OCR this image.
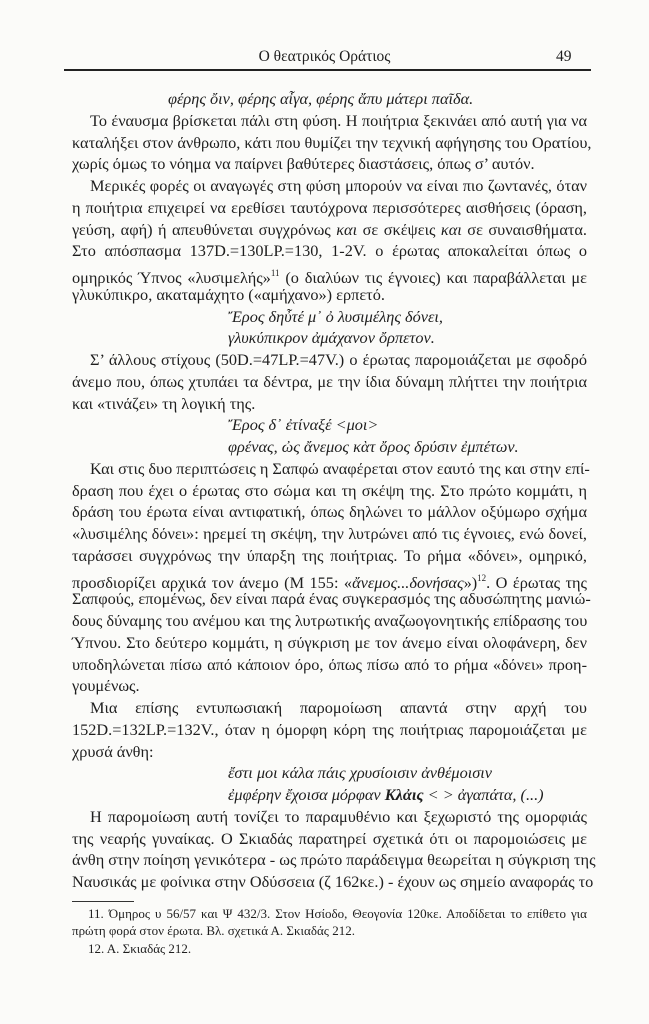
Ο θεατρικός Οράτιος	49
φέρης ὄιν, φέρης αἶγα, φέρης ἄπυ μάτερι παῖδα.
Το έναυσμα βρίσκεται πάλι στη φύση. Η ποιήτρια ξεκινάει από αυτή για να
καταλήξει στον άνθρωπο, κάτι που θυμίζει την τεχνική αφήγησης του Ορατίου,
χωρίς όμως το νόημα να παίρνει βαθύτερες διαστάσεις, όπως σ’ αυτόν.
Μερικές φορές οι αναγωγές στη φύση μπορούν να είναι πιο ζωντανές, όταν
η ποιήτρια επιχειρεί να ερεθίσει ταυτόχρονα περισσότερες αισθήσεις (όραση,
γεύση, αφή) ή απευθύνεται συγχρόνως και σε σκέψεις και σε συναισθήματα.
Στο απόσπασμα 137D.=130LP.=130, 1-2V. ο έρωτας αποκαλείται όπως ο
ομηρικός Ύπνος «λυσιμελής»$^{11}$ (ο διαλύων τις έγνοιες) και παραβάλλεται με
γλυκύπικρο, ακαταμάχητο («αμήχανο») ερπετό.
Ἔρος δηὖτέ μ᾿ ὀ λυσιμέλης δόνει,
γλυκύπικρον ἀμάχανον ὄρπετον.
Σ’ άλλους στίχους (50D.=47LP.=47V.) ο έρωτας παρομοιάζεται με σφοδρό
άνεμο που, όπως χτυπάει τα δέντρα, με την ίδια δύναμη πλήττει την ποιήτρια
και «τινάζει» τη λογική της.
Ἔρος δ᾿ ἐτίναξέ <μοι>
φρένας, ὠς ἄνεμος κὰτ ὄρος δρύσιν ἐμπέτων.
Και στις δυο περιπτώσεις η Σαπφώ αναφέρεται στον εαυτό της και στην επί-
δραση που έχει ο έρωτας στο σώμα και τη σκέψη της. Στο πρώτο κομμάτι, η
δράση του έρωτα είναι αντιφατική, όπως δηλώνει το μάλλον οξύμωρο σχήμα
«λυσιμέλης δόνει»: ηρεμεί τη σκέψη, την λυτρώνει από τις έγνοιες, ενώ δονεί,
ταράσσει συγχρόνως την ύπαρξη της ποιήτριας. Το ρήμα «δόνει», ομηρικό,
προσδιορίζει αρχικά τον άνεμο (Μ 155: «ἄνεμος...δονήσας»)$^{12}$. Ο έρωτας της
Σαπφούς, επομένως, δεν είναι παρά ένας συγκερασμός της αδυσώπητης μανιώ-
δους δύναμης του ανέμου και της λυτρωτικής αναζωογονητικής επίδρασης του
Ύπνου. Στο δεύτερο κομμάτι, η σύγκριση με τον άνεμο είναι ολοφάνερη, δεν
υποδηλώνεται πίσω από κάποιον όρο, όπως πίσω από το ρήμα «δόνει» προη-
γουμένως.
Μια επίσης εντυπωσιακή παρομοίωση απαντά στην αρχή του
152D.=132LP.=132V., όταν η όμορφη κόρη της ποιήτριας παρομοιάζεται με
χρυσά άνθη:
ἔστι μοι κάλα πάις χρυσίοισιν ἀνθέμοισιν
ἐμφέρην ἔχοισα μόρφαν Κλἀις < > ἀγαπάτα, (...)
Η παρομοίωση αυτή τονίζει το παραμυθένιο και ξεχωριστό της ομορφιάς
της νεαρής γυναίκας. Ο Σκιαδάς παρατηρεί σχετικά ότι οι παρομοιώσεις με
άνθη στην ποίηση γενικότερα - ως πρώτο παράδειγμα θεωρείται η σύγκριση της
Ναυσικάς με φοίνικα στην Οδύσσεια (ζ 162κε.) - έχουν ως σημείο αναφοράς το
11. Όμηρος υ 56/57 και Ψ 432/3. Στον Ησίοδο, Θεογονία 120κε. Αποδίδεται το επίθετο για
πρώτη φορά στον έρωτα. Βλ. σχετικά Α. Σκιαδάς 212.
12. Α. Σκιαδάς 212.
